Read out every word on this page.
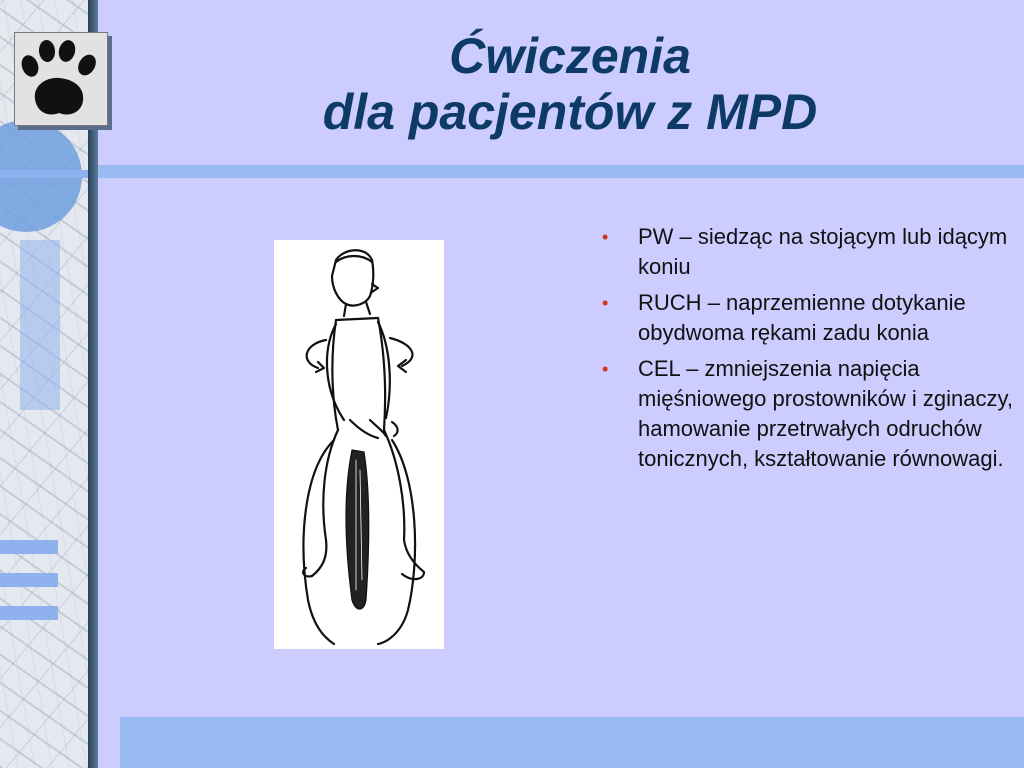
Ćwiczenia
dla pacjentów z MPD
• PW – siedząc na stojącym lub idącym koniu
• RUCH – naprzemienne dotykanie obydwoma rękami zadu konia
• CEL – zmniejszenia napięcia mięśniowego prostowników i zginaczy, hamowanie przetrwałych odruchów tonicznych, kształtowanie równowagi.
